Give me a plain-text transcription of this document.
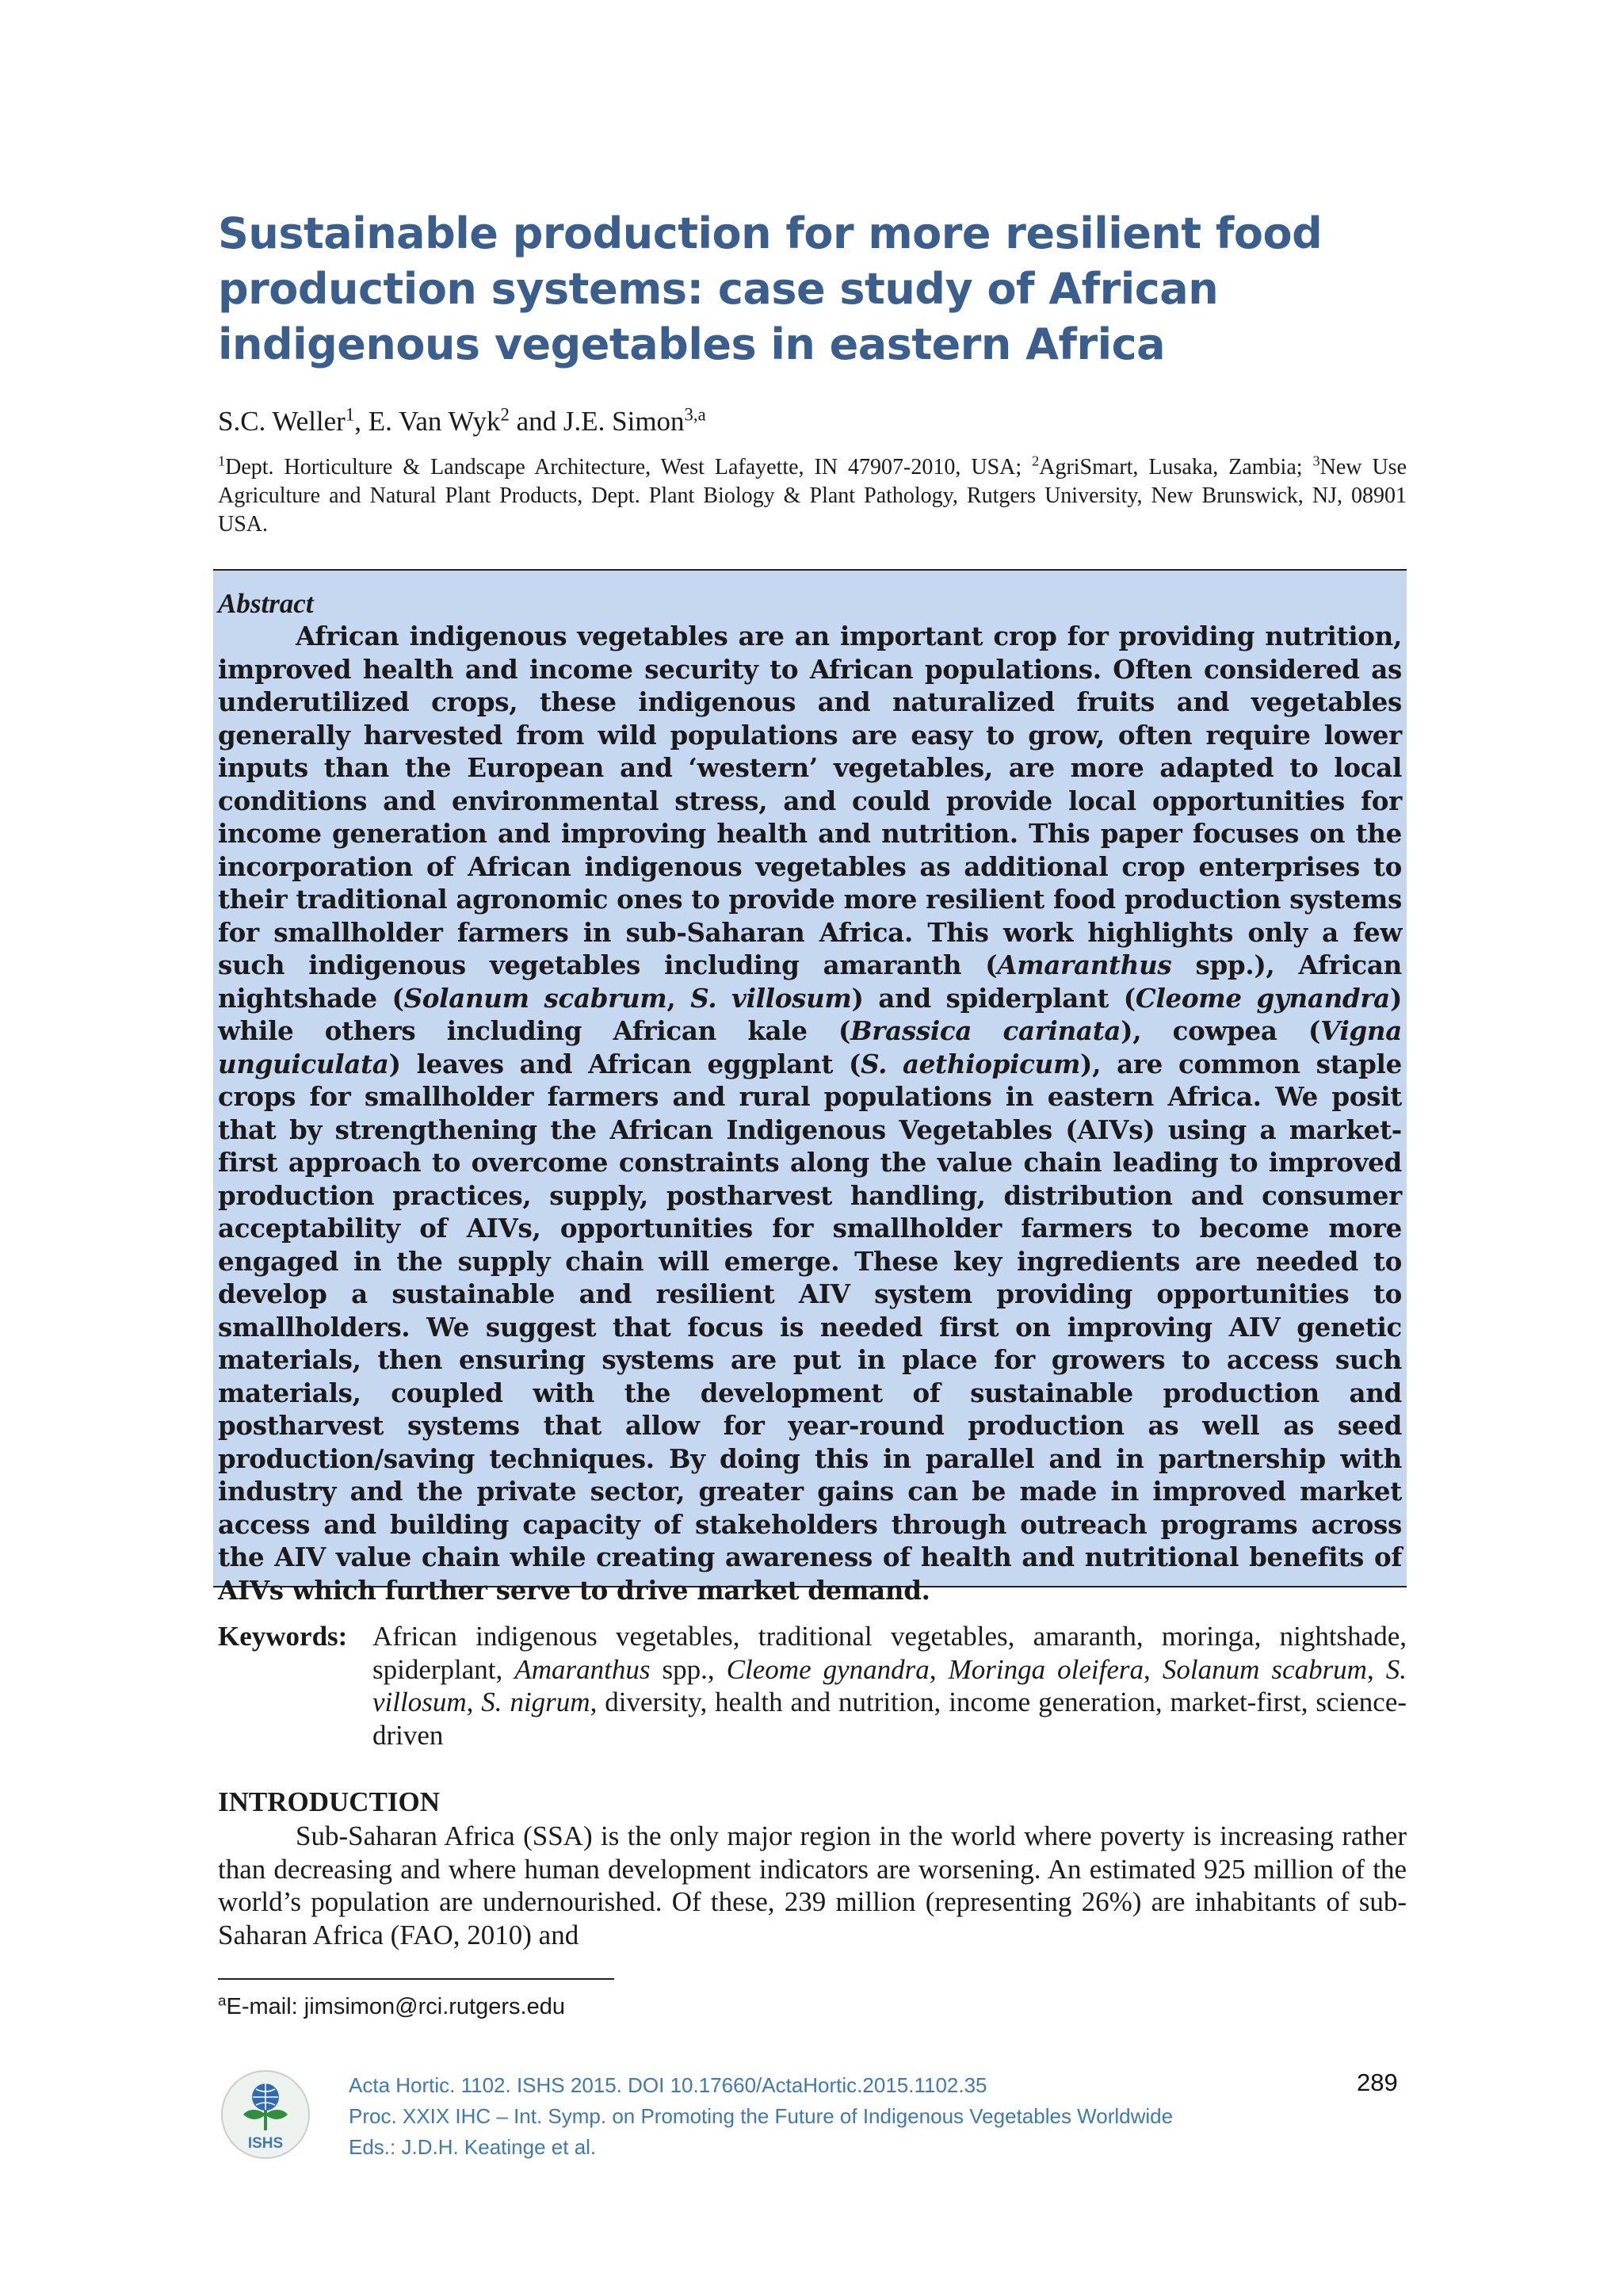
Sustainable production for more resilient food production systems: case study of African indigenous vegetables in eastern Africa
S.C. Weller$^1$, E. Van Wyk$^2$ and J.E. Simon$^{3,a}$
$^1$Dept. Horticulture & Landscape Architecture, West Lafayette, IN 47907-2010, USA; $^2$AgriSmart, Lusaka, Zambia; $^3$New Use Agriculture and Natural Plant Products, Dept. Plant Biology & Plant Pathology, Rutgers University, New Brunswick, NJ, 08901 USA.

Abstract

African indigenous vegetables are an important crop for providing nutrition, improved health and income security to African populations. Often considered as underutilized crops, these indigenous and naturalized fruits and vegetables generally harvested from wild populations are easy to grow, often require lower inputs than the European and ‘western’ vegetables, are more adapted to local conditions and environmental stress, and could provide local opportunities for income generation and improving health and nutrition. This paper focuses on the incorporation of African indigenous vegetables as additional crop enterprises to their traditional agronomic ones to provide more resilient food production systems for smallholder farmers in sub-Saharan Africa. This work highlights only a few such indigenous vegetables including amaranth (Amaranthus spp.), African nightshade (Solanum scabrum, S. villosum) and spiderplant (Cleome gynandra) while others including African kale (Brassica carinata), cowpea (Vigna unguiculata) leaves and African eggplant (S. aethiopicum), are common staple crops for smallholder farmers and rural populations in eastern Africa. We posit that by strengthening the African Indigenous Vegetables (AIVs) using a market-first approach to overcome constraints along the value chain leading to improved production practices, supply, postharvest handling, distribution and consumer acceptability of AIVs, opportunities for smallholder farmers to become more engaged in the supply chain will emerge. These key ingredients are needed to develop a sustainable and resilient AIV system providing opportunities to smallholders. We suggest that focus is needed first on improving AIV genetic materials, then ensuring systems are put in place for growers to access such materials, coupled with the development of sustainable production and postharvest systems that allow for year-round production as well as seed production/saving techniques. By doing this in parallel and in partnership with industry and the private sector, greater gains can be made in improved market access and building capacity of stakeholders through outreach programs across the AIV value chain while creating awareness of health and nutritional benefits of AIVs which further serve to drive market demand.

Keywords: African indigenous vegetables, traditional vegetables, amaranth, moringa, nightshade, spiderplant, Amaranthus spp., Cleome gynandra, Moringa oleifera, Solanum scabrum, S. villosum, S. nigrum, diversity, health and nutrition, income generation, market-first, science-driven
INTRODUCTION

Sub-Saharan Africa (SSA) is the only major region in the world where poverty is increasing rather than decreasing and where human development indicators are worsening. An estimated 925 million of the world’s population are undernourished. Of these, 239 million (representing 26%) are inhabitants of sub-Saharan Africa (FAO, 2010) and

$^a$E-mail: jimsimon@rci.rutgers.edu
ISHS
Acta Hortic. 1102. ISHS 2015. DOI 10.17660/ActaHortic.2015.1102.35
Proc. XXIX IHC – Int. Symp. on Promoting the Future of Indigenous Vegetables Worldwide
Eds.: J.D.H. Keatinge et al.
289
